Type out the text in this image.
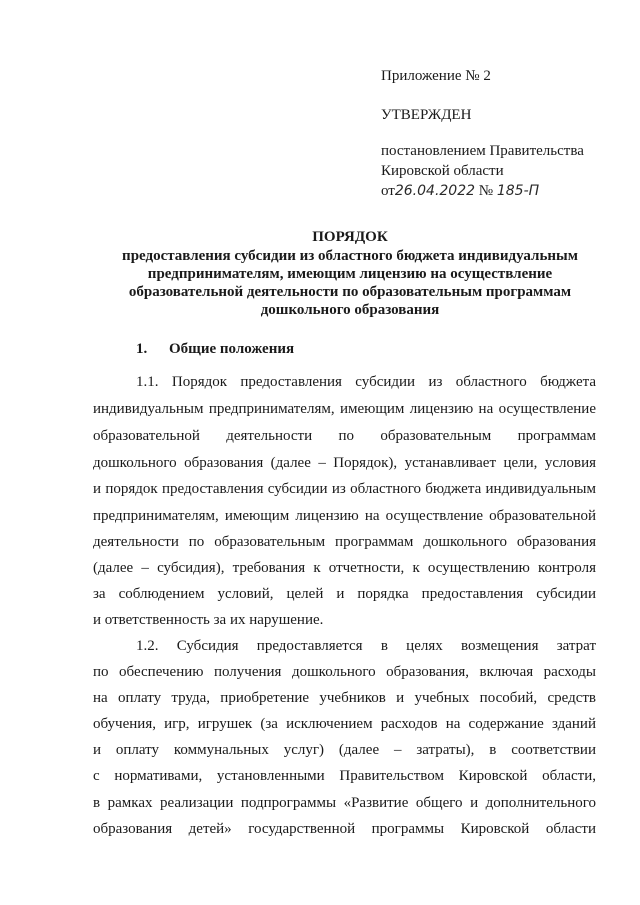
Приложение № 2
УТВЕРЖДЕН
постановлением Правительства
Кировской области
от26.04.2022 № 185-П
ПОРЯДОК
предоставления субсидии из областного бюджета индивидуальным
предпринимателям, имеющим лицензию на осуществление
образовательной деятельности по образовательным программам
дошкольного образования
1. Общие положения
1.1. Порядок предоставления субсидии из областного бюджета
индивидуальным предпринимателям, имеющим лицензию на осуществление
образовательной деятельности по образовательным программам
дошкольного образования (далее – Порядок), устанавливает цели, условия
и порядок предоставления субсидии из областного бюджета индивидуальным
предпринимателям, имеющим лицензию на осуществление образовательной
деятельности по образовательным программам дошкольного образования
(далее – субсидия), требования к отчетности, к осуществлению контроля
за соблюдением условий, целей и порядка предоставления субсидии
и ответственность за их нарушение.
1.2. Субсидия предоставляется в целях возмещения затрат
по обеспечению получения дошкольного образования, включая расходы
на оплату труда, приобретение учебников и учебных пособий, средств
обучения, игр, игрушек (за исключением расходов на содержание зданий
и оплату коммунальных услуг) (далее – затраты), в соответствии
с нормативами, установленными Правительством Кировской области,
в рамках реализации подпрограммы «Развитие общего и дополнительного
образования детей» государственной программы Кировской области
